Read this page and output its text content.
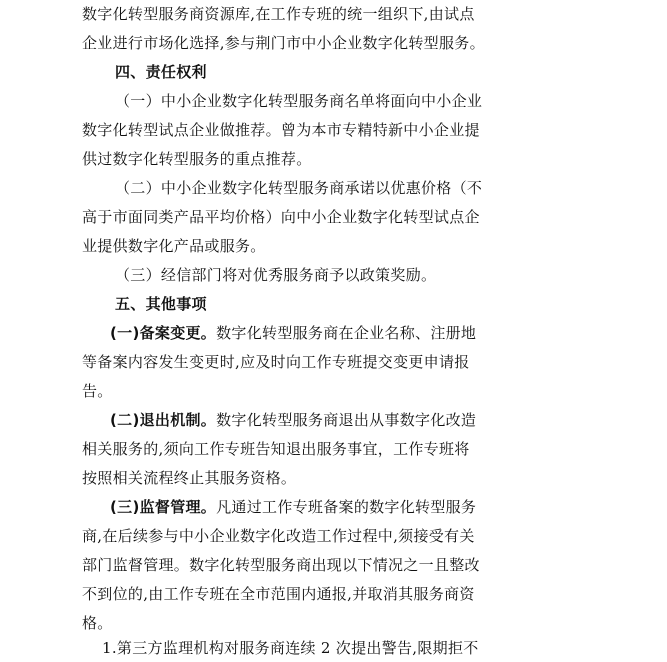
数字化转型服务商资源库,在工作专班的统一组织下,由试点
企业进行市场化选择,参与荆门市中小企业数字化转型服务。
四、责任权利
（一）中小企业数字化转型服务商名单将面向中小企业
数字化转型试点企业做推荐。曾为本市专精特新中小企业提
供过数字化转型服务的重点推荐。
（二）中小企业数字化转型服务商承诺以优惠价格（不
高于市面同类产品平均价格）向中小企业数字化转型试点企
业提供数字化产品或服务。
（三）经信部门将对优秀服务商予以政策奖励。
五、其他事项
(一)备案变更。数字化转型服务商在企业名称、注册地
等备案内容发生变更时,应及时向工作专班提交变更申请报
告。
(二)退出机制。数字化转型服务商退出从事数字化改造
相关服务的,须向工作专班告知退出服务事宜，工作专班将
按照相关流程终止其服务资格。
(三)监督管理。凡通过工作专班备案的数字化转型服务
商,在后续参与中小企业数字化改造工作过程中,须接受有关
部门监督管理。数字化转型服务商出现以下情况之一且整改
不到位的,由工作专班在全市范围内通报,并取消其服务商资
格。
1.第三方监理机构对服务商连续 2 次提出警告,限期拒不
